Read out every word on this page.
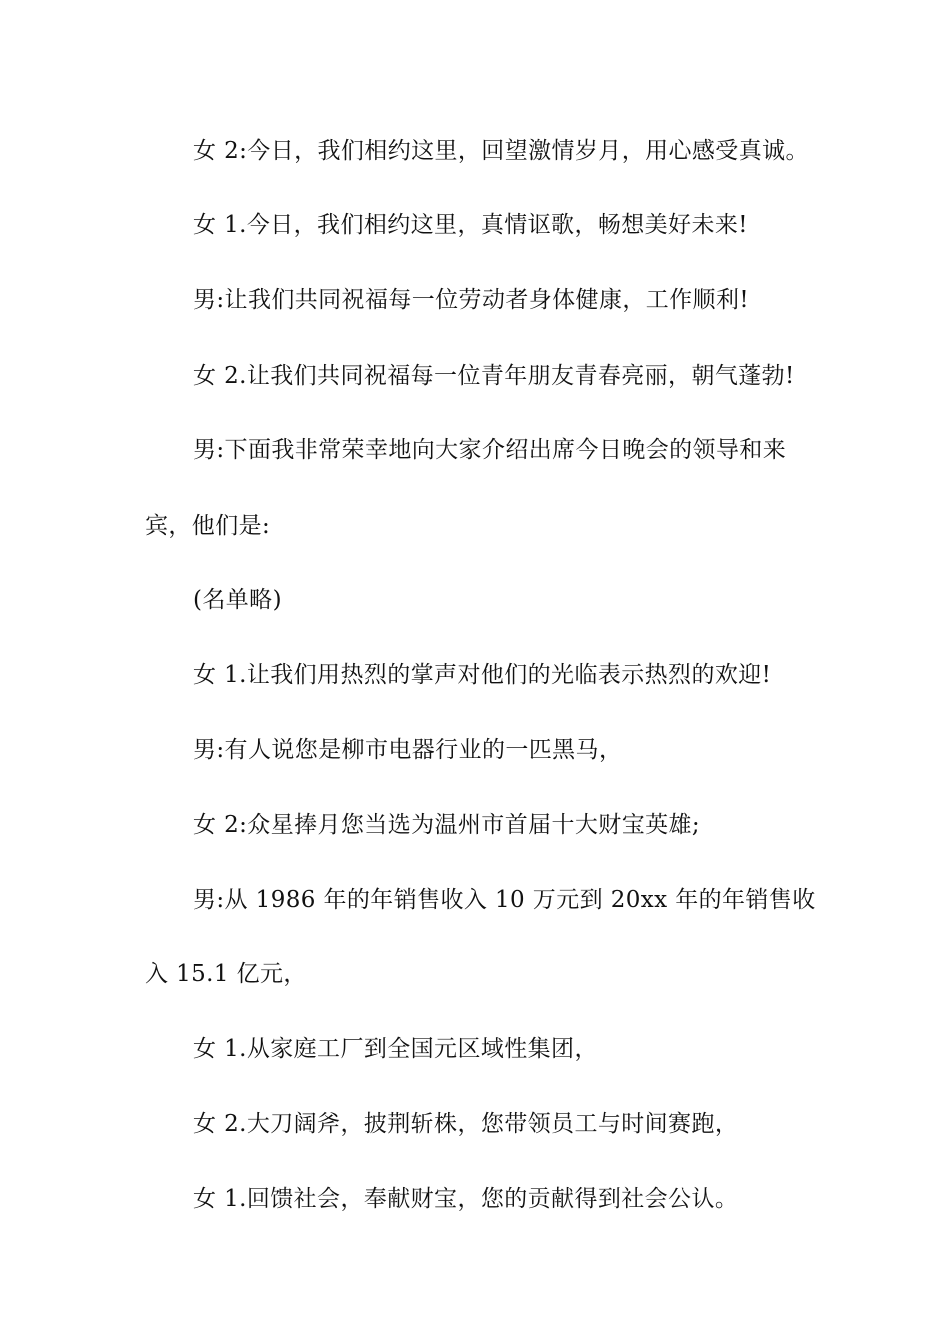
女 2:今日，我们相约这里，回望激情岁月，用心感受真诚。
女 1.今日，我们相约这里，真情讴歌，畅想美好未来!
男:让我们共同祝福每一位劳动者身体健康，工作顺利!
女 2.让我们共同祝福每一位青年朋友青春亮丽，朝气蓬勃!
男:下面我非常荣幸地向大家介绍出席今日晚会的领导和来
宾，他们是:
(名单略)
女 1.让我们用热烈的掌声对他们的光临表示热烈的欢迎!
男:有人说您是柳市电器行业的一匹黑马，
女 2:众星捧月您当选为温州市首届十大财宝英雄;
男:从 1986 年的年销售收入 10 万元到 20xx 年的年销售收
入 15.1 亿元，
女 1.从家庭工厂到全国元区域性集团，
女 2.大刀阔斧，披荆斩株，您带领员工与时间赛跑，
女 1.回馈社会，奉献财宝，您的贡献得到社会公认。
